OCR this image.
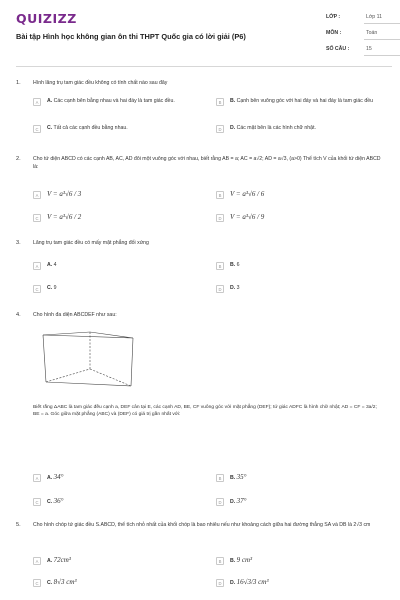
QUIZIZZ
Bài tập Hình học không gian ôn thi THPT Quốc gia có lời giải (P6)
LỚP :	Lớp 11
MÔN :	Toán
SỐ CÂU :	15
1. Hình lăng trụ tam giác đều không có tính chất nào sau đây
A	A. Các cạnh bên bằng nhau và hai đáy là tam giác đều.	B	B. Cạnh bên vuông góc với hai đáy và hai đáy là tam giác đều
C	C. Tất cả các cạnh đều bằng nhau.	D	D. Các mặt bên là các hình chữ nhật.
2. Cho tứ diện ABCD có các cạnh AB, AC, AD đôi một vuông góc với nhau, biết rằng AB = a; AC = a√2; AD = a√3, (a>0) Thể tích V của khối tứ diện ABCD là:
A	V = a³√6 / 3	B	V = a³√6 / 6
C	V = a³√6 / 2	D	V = a³√6 / 9
3. Lăng trụ tam giác đều có mấy mặt phẳng đối xứng
A	A. 4	B	B. 6
C	C. 9	D	D. 3
4. Cho hình đa diện ABCDEF như sau:
Biết rằng ΔABC là tam giác đều cạnh a, DEF cân tại E, các cạnh AD, BE, CF vuông góc với mặt phẳng (DEF); tứ giác ADFC là hình chữ nhật; AD = CF = 3a/2; BE = a. Góc giữa mặt phẳng (ABC) và (DEF) có giá trị gần nhất với:
A	A. 34°	B	B. 35°
C	C. 36°	D	D. 37°
5. Cho hình chóp tứ giác đều S.ABCD, thể tích nhỏ nhất của khối chóp là bao nhiêu nếu như khoảng cách giữa hai đường thẳng SA và DB là 2√3 cm
A	A. 72cm³	B	B. 9 cm³
C	C. 8√3 cm³	D	D. 16√3/3 cm³
